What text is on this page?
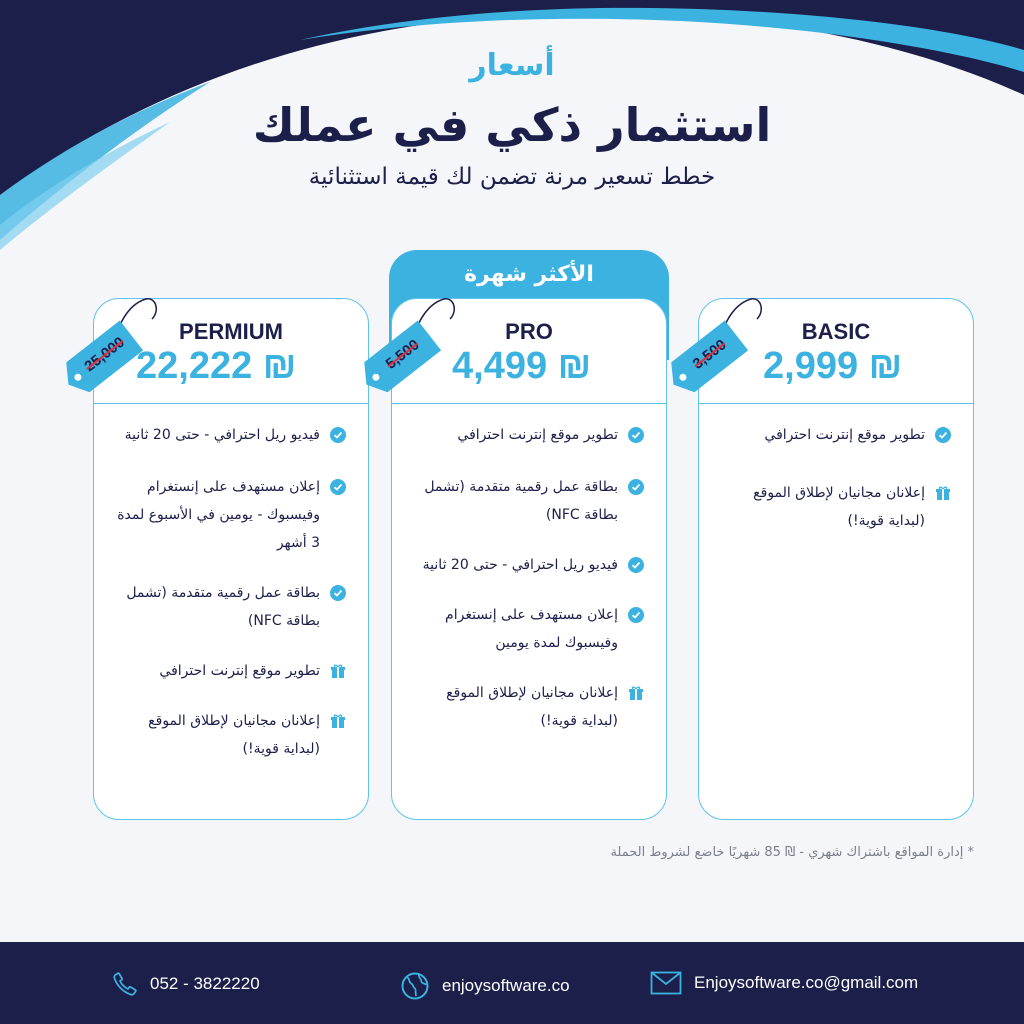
أسعار
استثمار ذكي في عملك
خطط تسعير مرنة تضمن لك قيمة استثنائية
الأكثر شهرة
BASIC
2,999 ₪
3,500
تطوير موقع إنترنت احترافي
إعلانان مجانيان لإطلاق الموقع (لبداية قوية!)
PRO
4,499 ₪
5,500
تطوير موقع إنترنت احترافي
بطاقة عمل رقمية متقدمة (تشمل بطاقة NFC)
فيديو ريل احترافي - حتى 20 ثانية
إعلان مستهدف على إنستغرام وفيسبوك لمدة يومين
إعلانان مجانيان لإطلاق الموقع (لبداية قوية!)
PERMIUM
22,222 ₪
25,000
فيديو ريل احترافي - حتى 20 ثانية
إعلان مستهدف على إنستغرام وفيسبوك - يومين في الأسبوع لمدة 3 أشهر
بطاقة عمل رقمية متقدمة (تشمل بطاقة NFC)
تطوير موقع إنترنت احترافي
إعلانان مجانيان لإطلاق الموقع (لبداية قوية!)
* إدارة المواقع باشتراك شهري - ₪ 85 شهريًا خاضع لشروط الحملة
052 - 3822220	enjoysoftware.co	Enjoysoftware.co@gmail.com
